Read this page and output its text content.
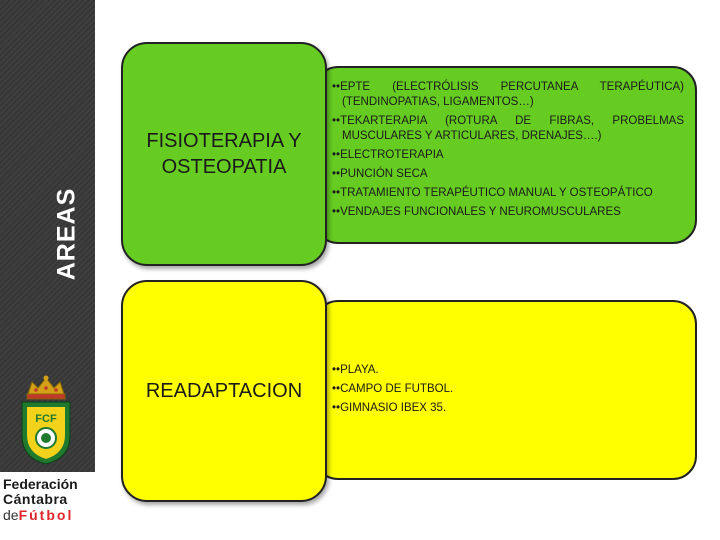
AREAS
FCF
Federación
Cántabra
deFútbol
FISIOTERAPIA Y OSTEOPATIA
•• EPTE (ELECTRÓLISIS PERCUTANEA TERAPÉUTICA) (TENDINOPATIAS, LIGAMENTOS…)
•• TEKARTERAPIA (ROTURA DE FIBRAS, PROBELMAS MUSCULARES Y ARTICULARES, DRENAJES….)
•• ELECTROTERAPIA
•• PUNCIÓN SECA
•• TRATAMIENTO TERAPÉUTICO MANUAL Y OSTEOPÁTICO
•• VENDAJES FUNCIONALES Y NEUROMUSCULARES
READAPTACION
•• PLAYA.
•• CAMPO DE FUTBOL.
•• GIMNASIO IBEX 35.
